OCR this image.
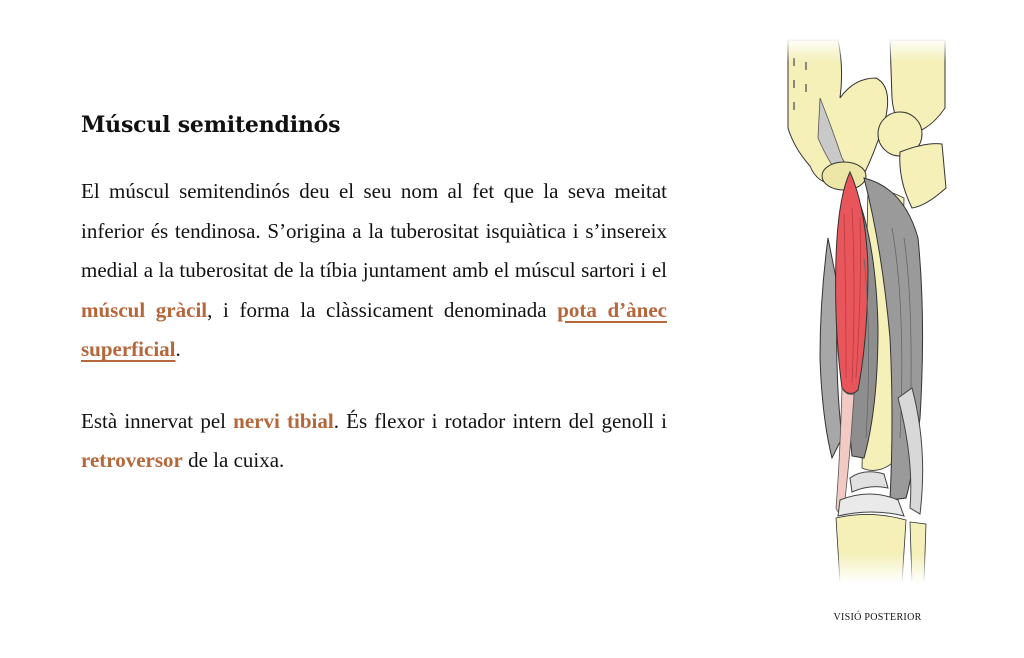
Múscul semitendinós

El múscul semitendinós deu el seu nom al fet que la seva meitat inferior és tendinosa. S’origina a la tuberositat isquiàtica i s’insereix medial a la tuberositat de la tíbia juntament amb el múscul sartori i el múscul gràcil, i forma la clàssicament denominada pota d’ànec superficial.

Està innervat pel nervi tibial. És flexor i rotador intern del genoll i retroversor de la cuixa.

VISIÓ POSTERIOR
